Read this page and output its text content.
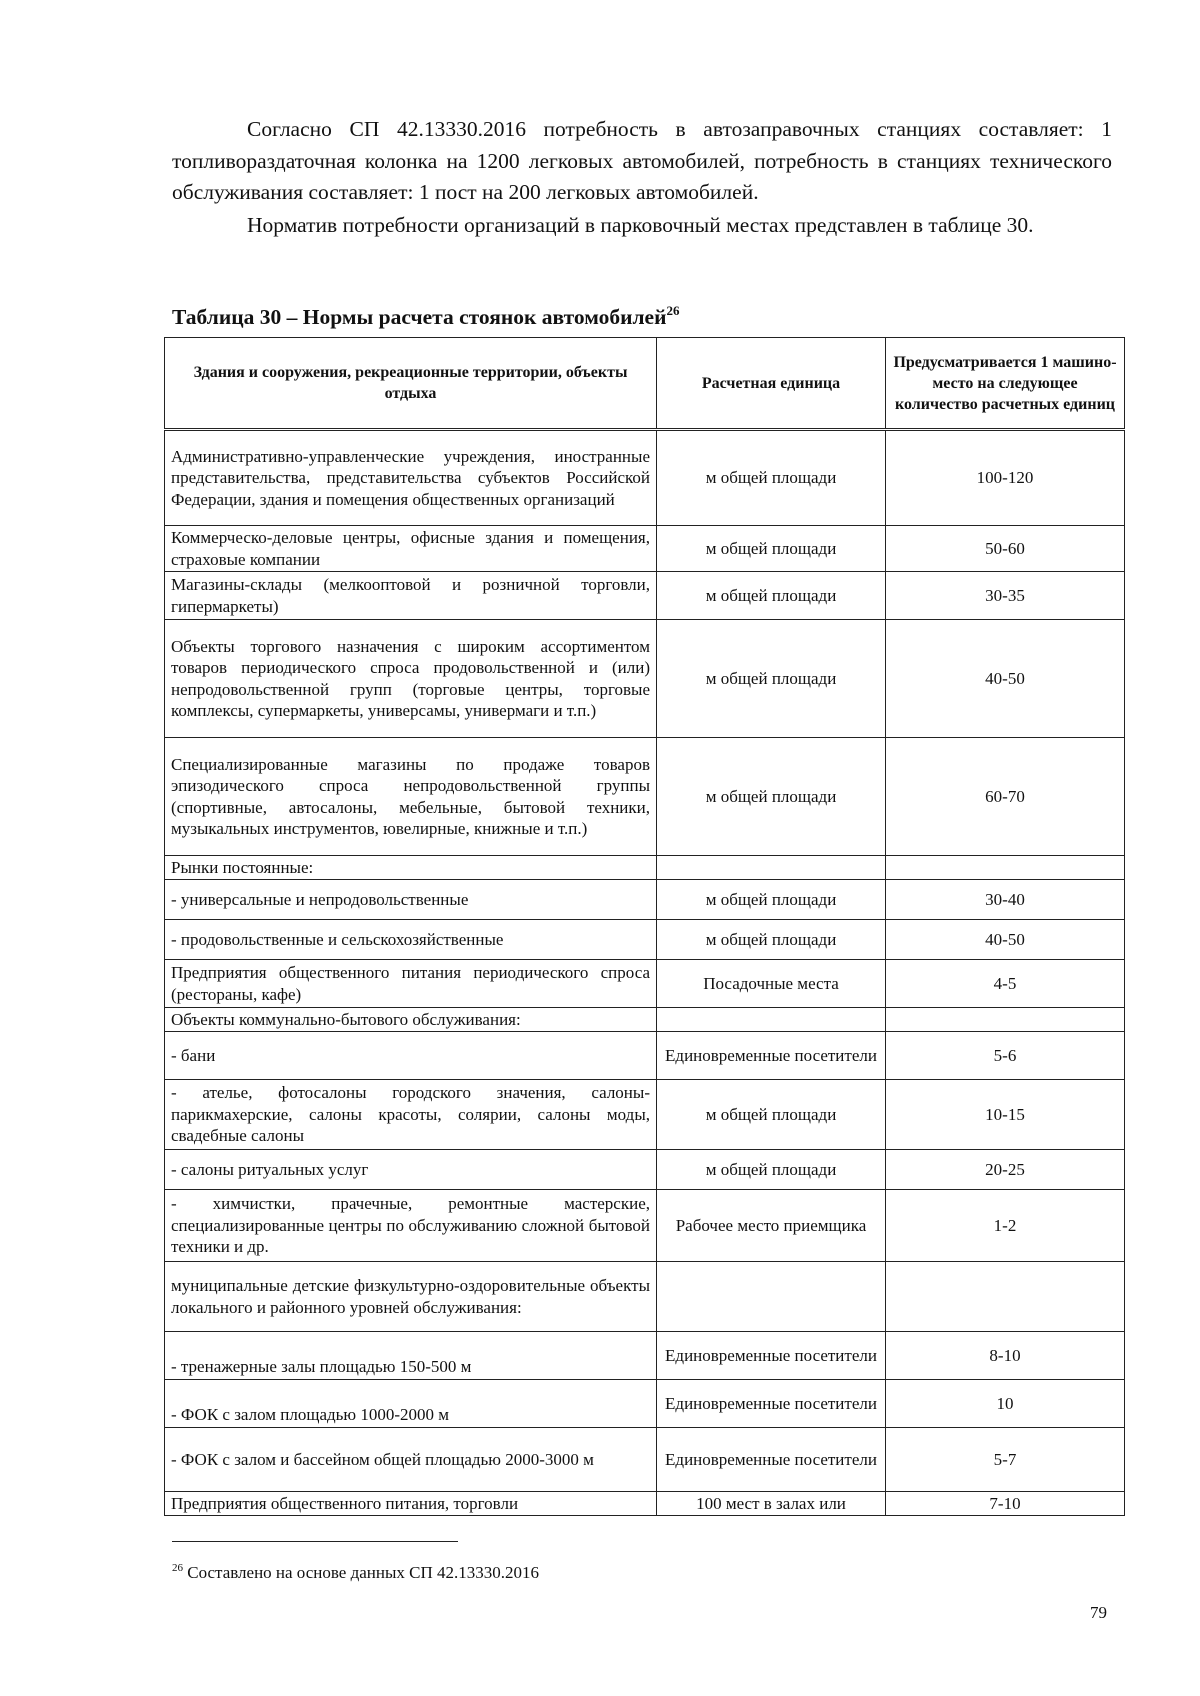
Согласно СП 42.13330.2016 потребность в автозаправочных станциях составляет: 1 топливораздаточная колонка на 1200 легковых автомобилей, потребность в станциях технического обслуживания составляет: 1 пост на 200 легковых автомобилей.

Норматив потребности организаций в парковочный местах представлен в таблице 30.

Таблица 30 – Нормы расчета стоянок автомобилей$^{26}$

Здания и сооружения, рекреационные территории, объекты отдыха	Расчетная единица	Предусматривается 1 машино-место на следующее количество расчетных единиц
Административно-управленческие учреждения, иностранные представительства, представительства субъектов Российской Федерации, здания и помещения общественных организаций	м общей площади	100-120
Коммерческо-деловые центры, офисные здания и помещения, страховые компании	м общей площади	50-60
Магазины-склады (мелкооптовой и розничной торговли, гипермаркеты)	м общей площади	30-35
Объекты торгового назначения с широким ассортиментом товаров периодического спроса продовольственной и (или) непродовольственной групп (торговые центры, торговые комплексы, супермаркеты, универсамы, универмаги и т.п.)	м общей площади	40-50
Специализированные магазины по продаже товаров эпизодического спроса непродовольственной группы (спортивные, автосалоны, мебельные, бытовой техники, музыкальных инструментов, ювелирные, книжные и т.п.)	м общей площади	60-70
Рынки постоянные:		
- универсальные и непродовольственные	м общей площади	30-40
- продовольственные и сельскохозяйственные	м общей площади	40-50
Предприятия общественного питания периодического спроса (рестораны, кафе)	Посадочные места	4-5
Объекты коммунально-бытового обслуживания:		
- бани	Единовременные посетители	5-6
- ателье, фотосалоны городского значения, салоны-парикмахерские, салоны красоты, солярии, салоны моды, свадебные салоны	м общей площади	10-15
- салоны ритуальных услуг	м общей площади	20-25
- химчистки, прачечные, ремонтные мастерские, специализированные центры по обслуживанию сложной бытовой техники и др.	Рабочее место приемщика	1-2
муниципальные детские физкультурно-оздоровительные объекты локального и районного уровней обслуживания:		
- тренажерные залы площадью 150-500 м	Единовременные посетители	8-10
- ФОК с залом площадью 1000-2000 м	Единовременные посетители	10
- ФОК с залом и бассейном общей площадью 2000-3000 м	Единовременные посетители	5-7
Предприятия общественного питания, торговли	100 мест в залах или	7-10

$^{26}$ Составлено на основе данных СП 42.13330.2016

79
